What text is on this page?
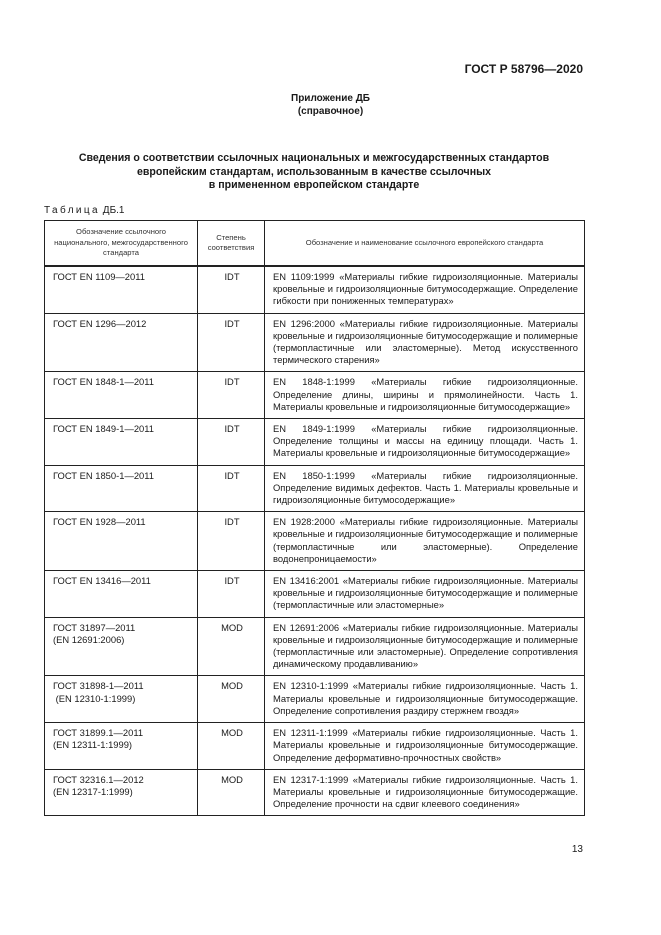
ГОСТ Р 58796—2020
Приложение ДБ
(справочное)
Сведения о соответствии ссылочных национальных и межгосударственных стандартов
европейским стандартам, использованным в качестве ссылочных
в примененном европейском стандарте
Таблица ДБ.1
Обозначение ссылочного национального, межгосударственного стандарта	Степень соответствия	Обозначение и наименование ссылочного европейского стандарта

ГОСТ EN 1109—2011	IDT	EN 1109:1999 «Материалы гибкие гидроизоляционные. Материалы кровельные и гидроизоляционные битумосодержащие. Определение гибкости при пониженных температурах»

ГОСТ EN 1296—2012	IDT	EN 1296:2000 «Материалы гибкие гидроизоляционные. Материалы кровельные и гидроизоляционные битумосодержащие и полимерные (термопластичные или эластомерные). Метод искусственного термического старения»

ГОСТ EN 1848-1—2011	IDT	EN 1848-1:1999 «Материалы гибкие гидроизоляционные. Определение длины, ширины и прямолинейности. Часть 1. Материалы кровельные и гидроизоляционные битумосодержащие»

ГОСТ EN 1849-1—2011	IDT	EN 1849-1:1999 «Материалы гибкие гидроизоляционные. Определение толщины и массы на единицу площади. Часть 1. Материалы кровельные и гидроизоляционные битумосодержащие»

ГОСТ EN 1850-1—2011	IDT	EN 1850-1:1999 «Материалы гибкие гидроизоляционные. Определение видимых дефектов. Часть 1. Материалы кровельные и гидроизоляционные битумосодержащие»

ГОСТ EN 1928—2011	IDT	EN 1928:2000 «Материалы гибкие гидроизоляционные. Материалы кровельные и гидроизоляционные битумосодержащие и полимерные (термопластичные или эластомерные). Определение водонепроницаемости»

ГОСТ EN 13416—2011	IDT	EN 13416:2001 «Материалы гибкие гидроизоляционные. Материалы кровельные и гидроизоляционные битумосодержащие и полимерные (термопластичные или эластомерные»

ГОСТ 31897—2011
(EN 12691:2006)	MOD	EN 12691:2006 «Материалы гибкие гидроизоляционные. Материалы кровельные и гидроизоляционные битумосодержащие и полимерные (термопластичные или эластомерные). Определение сопротивления динамическому продавливанию»

ГОСТ 31898-1—2011
(EN 12310-1:1999)	MOD	EN 12310-1:1999 «Материалы гибкие гидроизоляционные. Часть 1. Материалы кровельные и гидроизоляционные битумосодержащие. Определение сопротивления раздиру стержнем гвоздя»

ГОСТ 31899.1—2011
(EN 12311-1:1999)	MOD	EN 12311-1:1999 «Материалы гибкие гидроизоляционные. Часть 1. Материалы кровельные и гидроизоляционные битумосодержащие. Определение деформативно-прочностных свойств»

ГОСТ 32316.1—2012
(EN 12317-1:1999)	MOD	EN 12317-1:1999 «Материалы гибкие гидроизоляционные. Часть 1. Материалы кровельные и гидроизоляционные битумосодержащие. Определение прочности на сдвиг клеевого соединения»
13
